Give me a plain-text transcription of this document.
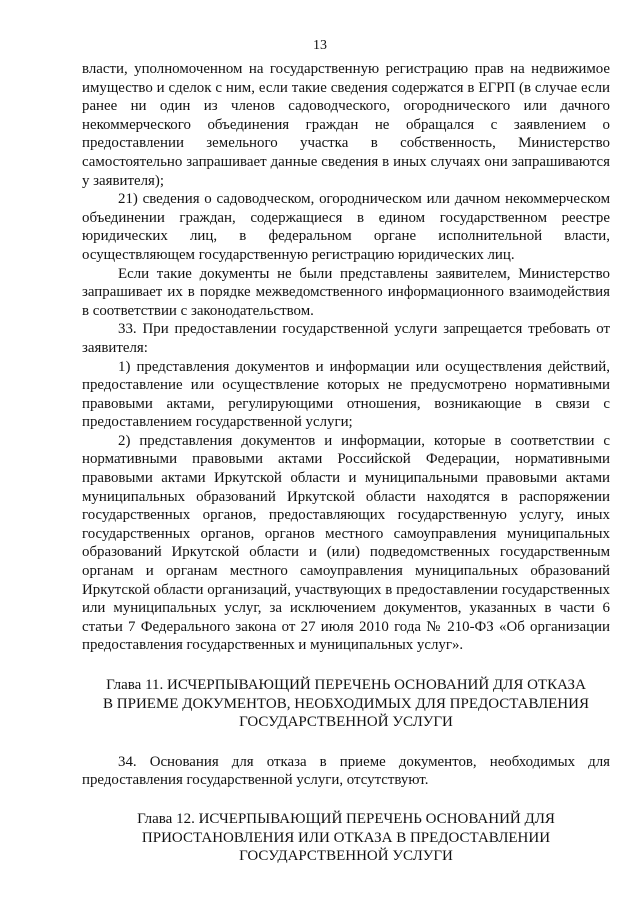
13

власти, уполномоченном на государственную регистрацию прав на недвижимое имущество и сделок с ним, если такие сведения содержатся в ЕГРП (в случае если ранее ни один из членов садоводческого, огороднического или дачного некоммерческого объединения граждан не обращался с заявлением о предоставлении земельного участка в собственность, Министерство самостоятельно запрашивает данные сведения в иных случаях они запрашиваются у заявителя);

21) сведения о садоводческом, огородническом или дачном некоммерческом объединении граждан, содержащиеся в едином государственном реестре юридических лиц, в федеральном органе исполнительной власти, осуществляющем государственную регистрацию юридических лиц.

Если такие документы не были представлены заявителем, Министерство запрашивает их в порядке межведомственного информационного взаимодействия в соответствии с законодательством.

33. При предоставлении государственной услуги запрещается требовать от заявителя:

1) представления документов и информации или осуществления действий, предоставление или осуществление которых не предусмотрено нормативными правовыми актами, регулирующими отношения, возникающие в связи с предоставлением государственной услуги;

2) представления документов и информации, которые в соответствии с нормативными правовыми актами Российской Федерации, нормативными правовыми актами Иркутской области и муниципальными правовыми актами муниципальных образований Иркутской области находятся в распоряжении государственных органов, предоставляющих государственную услугу, иных государственных органов, органов местного самоуправления муниципальных образований Иркутской области и (или) подведомственных государственным органам и органам местного самоуправления муниципальных образований Иркутской области организаций, участвующих в предоставлении государственных или муниципальных услуг, за исключением документов, указанных в части 6 статьи 7 Федерального закона от 27 июля 2010 года № 210-ФЗ «Об организации предоставления государственных и муниципальных услуг».

Глава 11. ИСЧЕРПЫВАЮЩИЙ ПЕРЕЧЕНЬ ОСНОВАНИЙ ДЛЯ ОТКАЗА В ПРИЕМЕ ДОКУМЕНТОВ, НЕОБХОДИМЫХ ДЛЯ ПРЕДОСТАВЛЕНИЯ ГОСУДАРСТВЕННОЙ УСЛУГИ

34. Основания для отказа в приеме документов, необходимых для предоставления государственной услуги, отсутствуют.

Глава 12. ИСЧЕРПЫВАЮЩИЙ ПЕРЕЧЕНЬ ОСНОВАНИЙ ДЛЯ ПРИОСТАНОВЛЕНИЯ ИЛИ ОТКАЗА В ПРЕДОСТАВЛЕНИИ ГОСУДАРСТВЕННОЙ УСЛУГИ
